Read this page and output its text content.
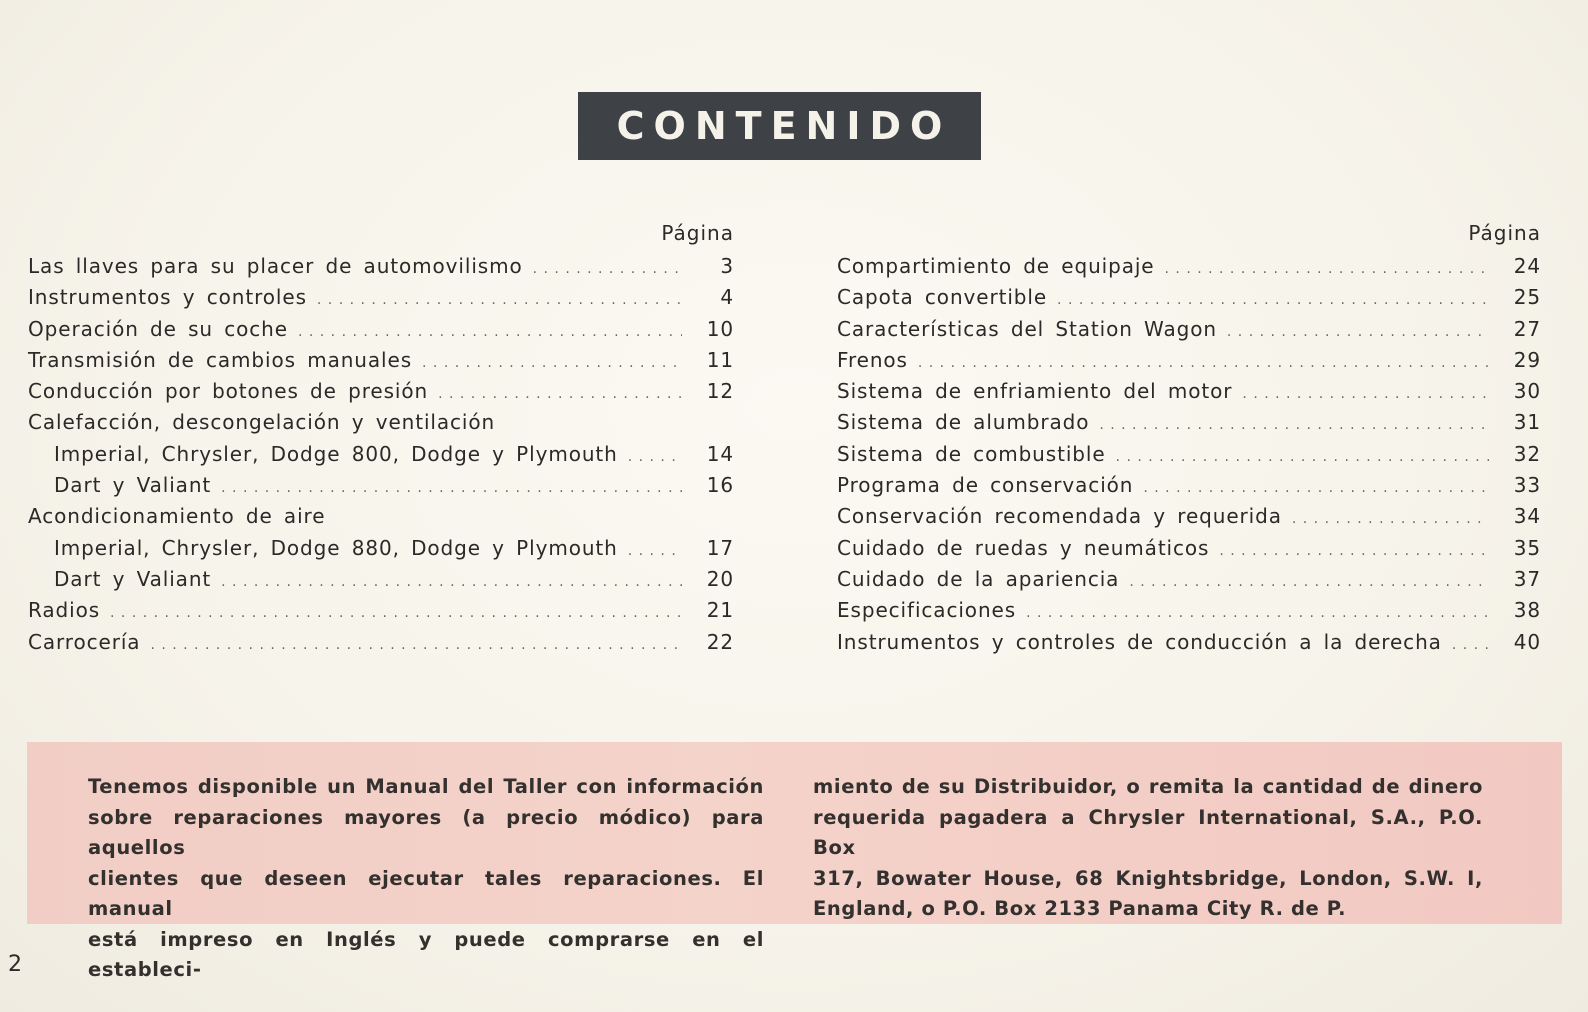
CONTENIDO
Página
Las llaves para su placer de automovilismo . . .	3
Instrumentos y controles . . .	4
Operación de su coche . . .	10
Transmisión de cambios manuales . . .	11
Conducción por botones de presión . . .	12
Calefacción, descongelación y ventilación
Imperial, Chrysler, Dodge 800, Dodge y Plymouth . . .	14
Dart y Valiant . . .	16
Acondicionamiento de aire
Imperial, Chrysler, Dodge 880, Dodge y Plymouth . . .	17
Dart y Valiant . . .	20
Radios . . .	21
Carrocería . . .	22
Página
Compartimiento de equipaje . . .	24
Capota convertible . . .	25
Características del Station Wagon . . .	27
Frenos . . .	29
Sistema de enfriamiento del motor . . .	30
Sistema de alumbrado . . .	31
Sistema de combustible . . .	32
Programa de conservación . . .	33
Conservación recomendada y requerida . . .	34
Cuidado de ruedas y neumáticos . . .	35
Cuidado de la apariencia . . .	37
Especificaciones . . .	38
Instrumentos y controles de conducción a la derecha . . .	40
Tenemos disponible un Manual del Taller con información
sobre reparaciones mayores (a precio módico) para aquellos
clientes que deseen ejecutar tales reparaciones. El manual
está impreso en Inglés y puede comprarse en el estableci-
miento de su Distribuidor, o remita la cantidad de dinero
requerida pagadera a Chrysler International, S.A., P.O. Box
317, Bowater House, 68 Knightsbridge, London, S.W. I,
England, o P.O. Box 2133 Panama City R. de P.
2
